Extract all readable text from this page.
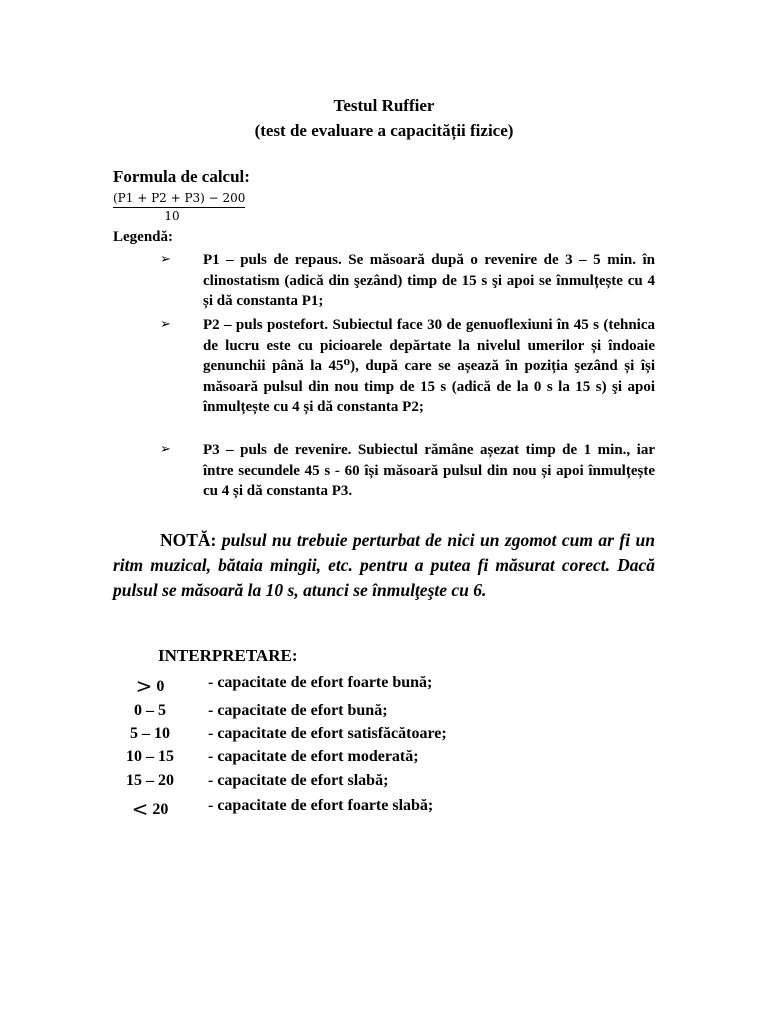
Testul Ruffier
(test de evaluare a capacității fizice)
Formula de calcul:
(P1 + P2 + P3) − 200
10
Legendă:
➢ P1 – puls de repaus. Se măsoară după o revenire de 3 – 5 min. în clinostatism (adică din şezând) timp de 15 s şi apoi se înmulțește cu 4 și dă constanta P1;
➢ P2 – puls postefort. Subiectul face 30 de genuoflexiuni în 45 s (tehnica de lucru este cu picioarele depărtate la nivelul umerilor și îndoaie genunchii până la 45⁰), după care se așează în poziția şezând și își măsoară pulsul din nou timp de 15 s (adică de la 0 s la 15 s) şi apoi înmulțește cu 4 și dă constanta P2;
➢ P3 – puls de revenire. Subiectul rămâne așezat timp de 1 min., iar între secundele 45 s - 60 își măsoară pulsul din nou și apoi înmulțește cu 4 și dă constanta P3.
NOTĂ: pulsul nu trebuie perturbat de nici un zgomot cum ar fi un ritm muzical, bătaia mingii, etc. pentru a putea fi măsurat corect. Dacă pulsul se măsoară la 10 s, atunci se înmulţeşte cu 6.
INTERPRETARE:
> 0	- capacitate de efort foarte bună;
0 – 5	- capacitate de efort bună;
5 – 10	- capacitate de efort satisfăcătoare;
10 – 15	- capacitate de efort moderată;
15 – 20	- capacitate de efort slabă;
< 20	- capacitate de efort foarte slabă;
